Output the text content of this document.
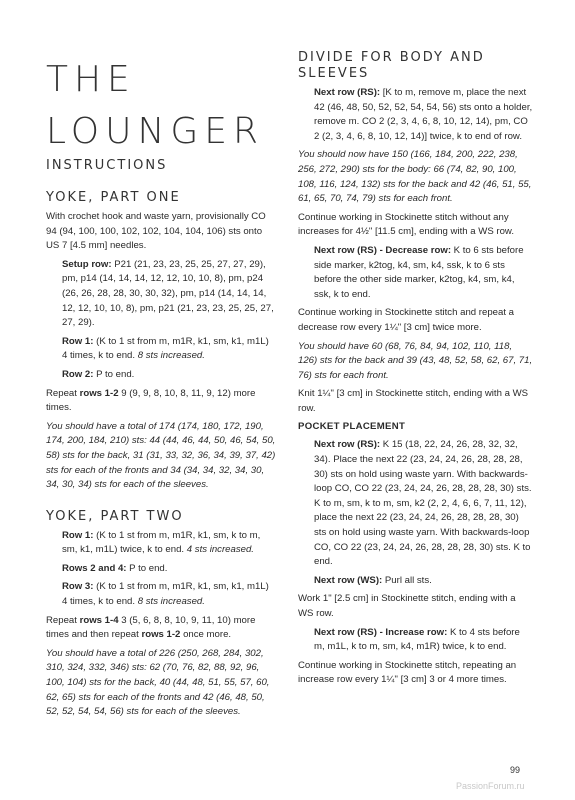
THE
LOUNGER
INSTRUCTIONS
YOKE, PART ONE

With crochet hook and waste yarn, provisionally CO 94 (94, 100, 100, 102, 102, 104, 104, 106) sts onto US 7 [4.5 mm] needles.

Setup row: P21 (21, 23, 23, 25, 25, 27, 27, 29), pm, p14 (14, 14, 14, 12, 12, 10, 10, 8), pm, p24 (26, 26, 28, 28, 30, 30, 32), pm, p14 (14, 14, 14, 12, 12, 10, 10, 8), pm, p21 (21, 23, 23, 25, 25, 27, 27, 29).

Row 1: (K to 1 st from m, m1R, k1, sm, k1, m1L) 4 times, k to end. 8 sts increased.

Row 2: P to end.

Repeat rows 1-2 9 (9, 9, 8, 10, 8, 11, 9, 12) more times.

You should have a total of 174 (174, 180, 172, 190, 174, 200, 184, 210) sts: 44 (44, 46, 44, 50, 46, 54, 50, 58) sts for the back, 31 (31, 33, 32, 36, 34, 39, 37, 42) sts for each of the fronts and 34 (34, 34, 32, 34, 30, 34, 30, 34) sts for each of the sleeves.

YOKE, PART TWO

Row 1: (K to 1 st from m, m1R, k1, sm, k to m, sm, k1, m1L) twice, k to end. 4 sts increased.

Rows 2 and 4: P to end.

Row 3: (K to 1 st from m, m1R, k1, sm, k1, m1L) 4 times, k to end. 8 sts increased.

Repeat rows 1-4 3 (5, 6, 8, 8, 10, 9, 11, 10) more times and then repeat rows 1-2 once more.

You should have a total of 226 (250, 268, 284, 302, 310, 324, 332, 346) sts: 62 (70, 76, 82, 88, 92, 96, 100, 104) sts for the back, 40 (44, 48, 51, 55, 57, 60, 62, 65) sts for each of the fronts and 42 (46, 48, 50, 52, 52, 54, 54, 56) sts for each of the sleeves.

DIVIDE FOR BODY AND SLEEVES

Next row (RS): [K to m, remove m, place the next 42 (46, 48, 50, 52, 52, 54, 54, 56) sts onto a holder, remove m. CO 2 (2, 3, 4, 6, 8, 10, 12, 14), pm, CO 2 (2, 3, 4, 6, 8, 10, 12, 14)] twice, k to end of row.

You should now have 150 (166, 184, 200, 222, 238, 256, 272, 290) sts for the body: 66 (74, 82, 90, 100, 108, 116, 124, 132) sts for the back and 42 (46, 51, 55, 61, 65, 70, 74, 79) sts for each front.

Continue working in Stockinette stitch without any increases for 4½" [11.5 cm], ending with a WS row.

Next row (RS) - Decrease row: K to 6 sts before side marker, k2tog, k4, sm, k4, ssk, k to 6 sts before the other side marker, k2tog, k4, sm, k4, ssk, k to end.

Continue working in Stockinette stitch and repeat a decrease row every 1¼" [3 cm] twice more.

You should have 60 (68, 76, 84, 94, 102, 110, 118, 126) sts for the back and 39 (43, 48, 52, 58, 62, 67, 71, 76) sts for each front.

Knit 1¼" [3 cm] in Stockinette stitch, ending with a WS row.

POCKET PLACEMENT

Next row (RS): K 15 (18, 22, 24, 26, 28, 32, 32, 34). Place the next 22 (23, 24, 24, 26, 28, 28, 28, 30) sts on hold using waste yarn. With backwards-loop CO, CO 22 (23, 24, 24, 26, 28, 28, 28, 30) sts. K to m, sm, k to m, sm, k2 (2, 2, 4, 6, 6, 7, 11, 12), place the next 22 (23, 24, 24, 26, 28, 28, 28, 30) sts on hold using waste yarn. With backwards-loop CO, CO 22 (23, 24, 24, 26, 28, 28, 28, 30) sts. K to end.

Next row (WS): Purl all sts.

Work 1" [2.5 cm] in Stockinette stitch, ending with a WS row.

Next row (RS) - Increase row: K to 4 sts before m, m1L, k to m, sm, k4, m1R) twice, k to end.

Continue working in Stockinette stitch, repeating an increase row every 1¼" [3 cm] 3 or 4 more times.

99
PassionForum.ru
